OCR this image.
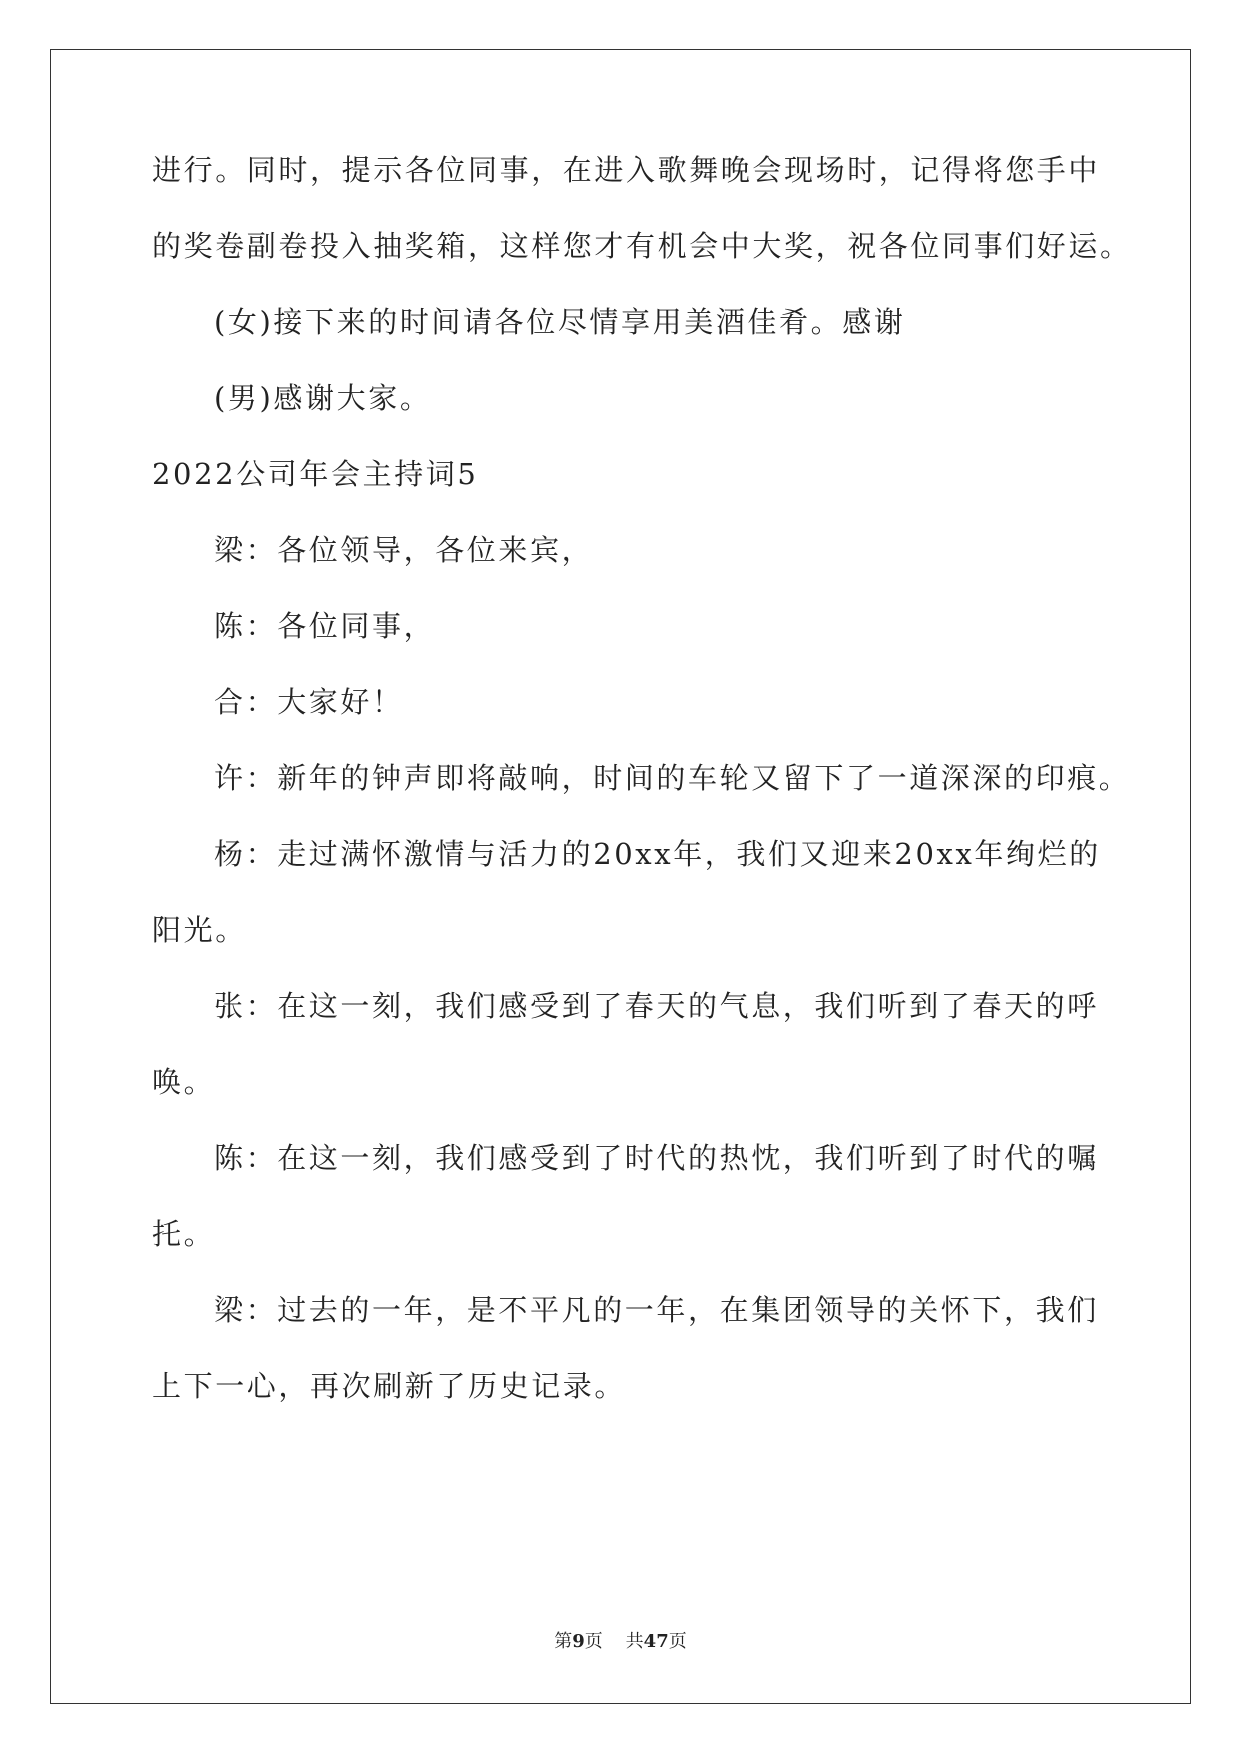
进行。同时，提示各位同事，在进入歌舞晚会现场时，记得将您手中
的奖卷副卷投入抽奖箱，这样您才有机会中大奖，祝各位同事们好运。
(女)接下来的时间请各位尽情享用美酒佳肴。感谢
(男)感谢大家。
2022公司年会主持词5
梁：各位领导，各位来宾，
陈：各位同事，
合：大家好！
许：新年的钟声即将敲响，时间的车轮又留下了一道深深的印痕。
杨：走过满怀激情与活力的20xx年，我们又迎来20xx年绚烂的
阳光。
张：在这一刻，我们感受到了春天的气息，我们听到了春天的呼
唤。
陈：在这一刻，我们感受到了时代的热忱，我们听到了时代的嘱
托。
梁：过去的一年，是不平凡的一年，在集团领导的关怀下，我们
上下一心，再次刷新了历史记录。
第9页 共47页
